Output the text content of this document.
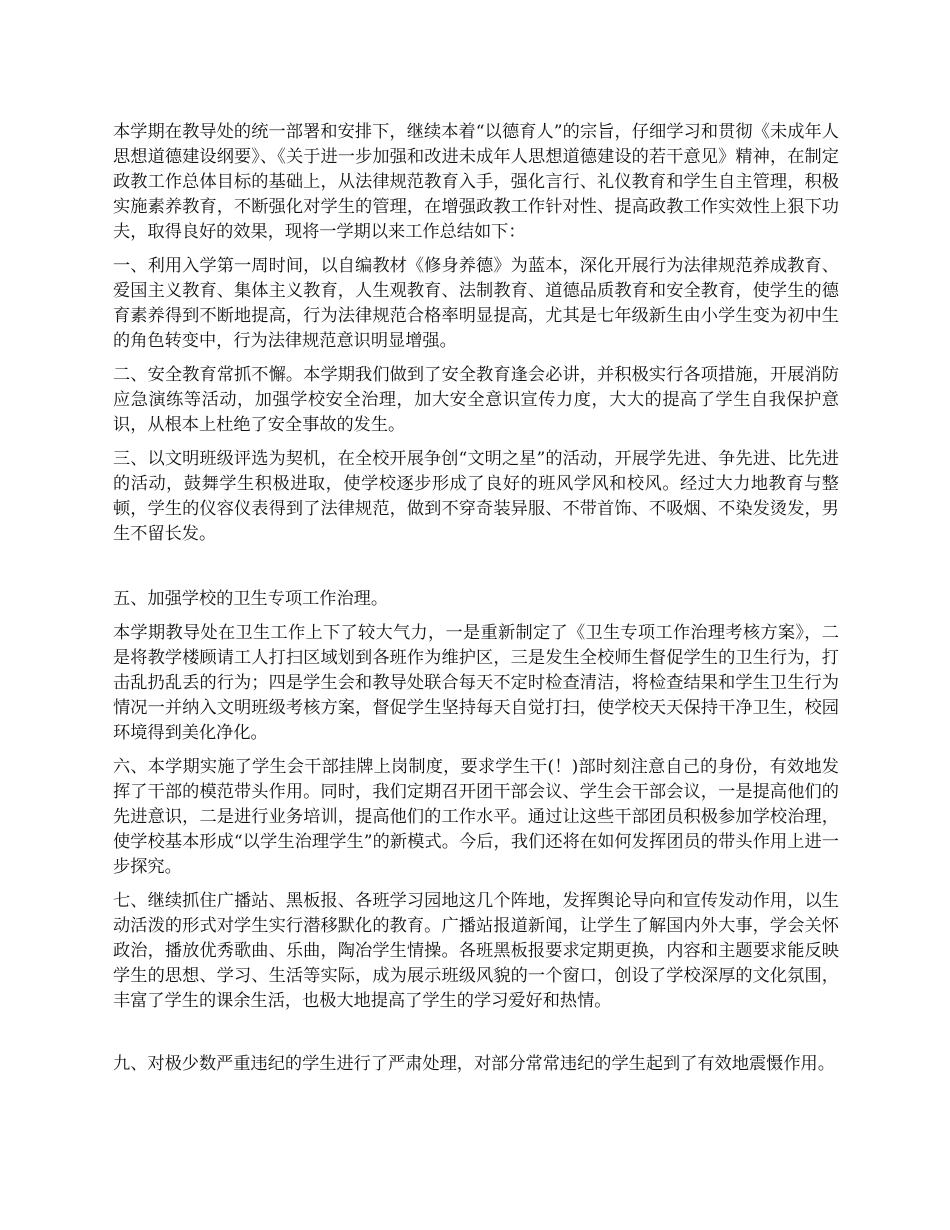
本学期在教导处的统一部署和安排下，继续本着“以德育人”的宗旨，仔细学习和贯彻《未成年人思想道德建设纲要》、《关于进一步加强和改进未成年人思想道德建设的若干意见》精神，在制定政教工作总体目标的基础上，从法律规范教育入手，强化言行、礼仪教育和学生自主管理，积极实施素养教育，不断强化对学生的管理，在增强政教工作针对性、提高政教工作实效性上狠下功夫，取得良好的效果，现将一学期以来工作总结如下：

一、利用入学第一周时间，以自编教材《修身养德》为蓝本，深化开展行为法律规范养成教育、爱国主义教育、集体主义教育，人生观教育、法制教育、道德品质教育和安全教育，使学生的德育素养得到不断地提高，行为法律规范合格率明显提高，尤其是七年级新生由小学生变为初中生的角色转变中，行为法律规范意识明显增强。

二、安全教育常抓不懈。本学期我们做到了安全教育逢会必讲，并积极实行各项措施，开展消防应急演练等活动，加强学校安全治理，加大安全意识宣传力度，大大的提高了学生自我保护意识，从根本上杜绝了安全事故的发生。

三、以文明班级评选为契机，在全校开展争创“文明之星”的活动，开展学先进、争先进、比先进的活动，鼓舞学生积极进取，使学校逐步形成了良好的班风学风和校风。经过大力地教育与整顿，学生的仪容仪表得到了法律规范，做到不穿奇装异服、不带首饰、不吸烟、不染发烫发，男生不留长发。

五、加强学校的卫生专项工作治理。

本学期教导处在卫生工作上下了较大气力，一是重新制定了《卫生专项工作治理考核方案》，二是将教学楼顾请工人打扫区域划到各班作为维护区，三是发生全校师生督促学生的卫生行为，打击乱扔乱丢的行为；四是学生会和教导处联合每天不定时检查清洁，将检查结果和学生卫生行为情况一并纳入文明班级考核方案，督促学生坚持每天自觉打扫，使学校天天保持干净卫生，校园环境得到美化净化。

六、本学期实施了学生会干部挂牌上岗制度，要求学生干(！)部时刻注意自己的身份，有效地发挥了干部的模范带头作用。同时，我们定期召开团干部会议、学生会干部会议，一是提高他们的先进意识，二是进行业务培训，提高他们的工作水平。通过让这些干部团员积极参加学校治理，使学校基本形成“以学生治理学生”的新模式。今后，我们还将在如何发挥团员的带头作用上进一步探究。

七、继续抓住广播站、黑板报、各班学习园地这几个阵地，发挥舆论导向和宣传发动作用，以生动活泼的形式对学生实行潜移默化的教育。广播站报道新闻，让学生了解国内外大事，学会关怀政治，播放优秀歌曲、乐曲，陶冶学生情操。各班黑板报要求定期更换，内容和主题要求能反映学生的思想、学习、生活等实际，成为展示班级风貌的一个窗口，创设了学校深厚的文化氛围，丰富了学生的课余生活，也极大地提高了学生的学习爱好和热情。

九、对极少数严重违纪的学生进行了严肃处理，对部分常常违纪的学生起到了有效地震慑作用。
